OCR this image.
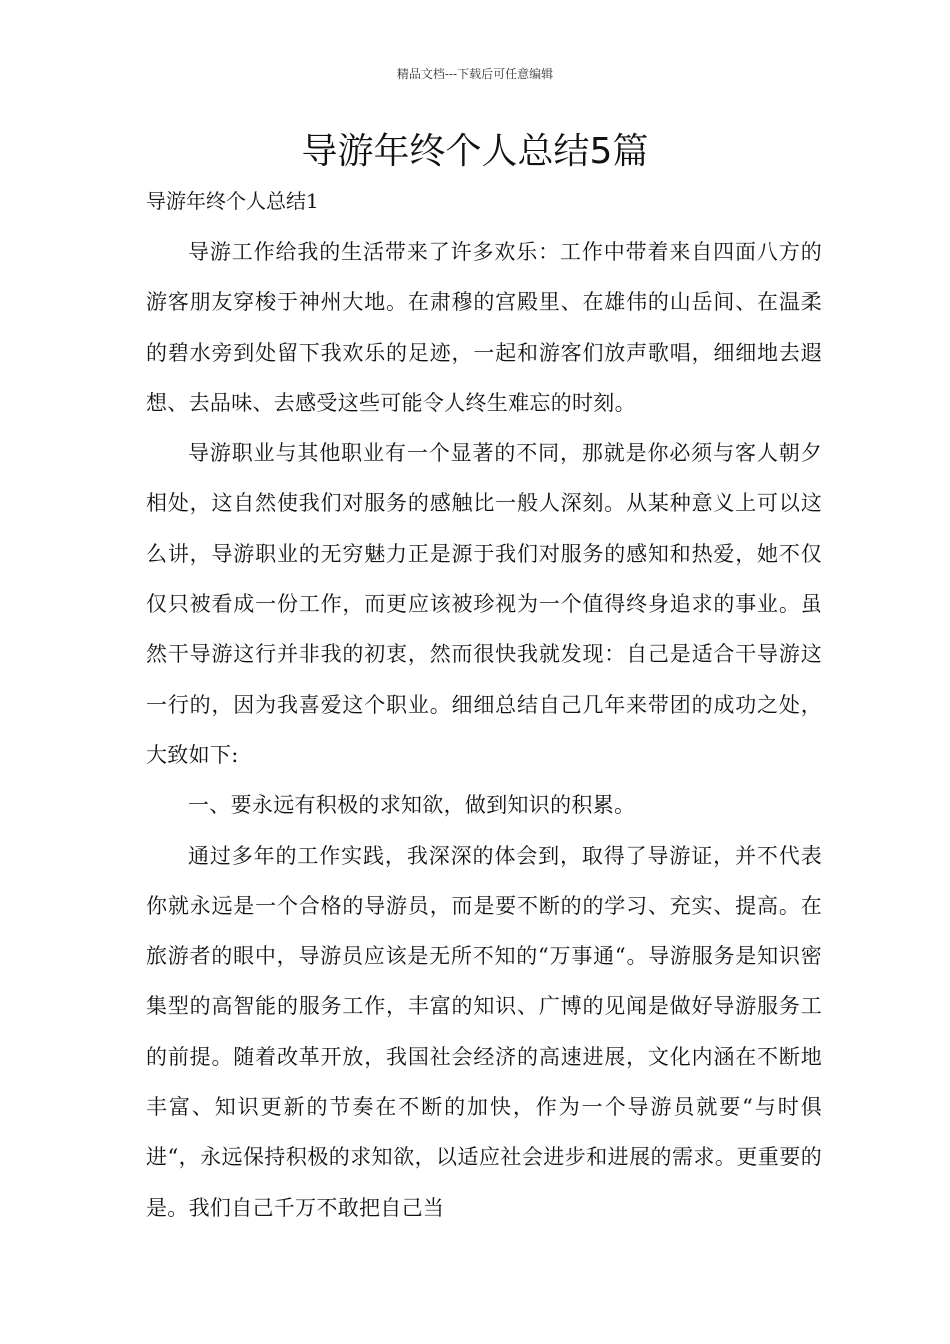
精品文档---下载后可任意编辑
导游年终个人总结5篇
导游年终个人总结1

导游工作给我的生活带来了许多欢乐：工作中带着来自四面八方的游客朋友穿梭于神州大地。在肃穆的宫殿里、在雄伟的山岳间、在温柔的碧水旁到处留下我欢乐的足迹，一起和游客们放声歌唱，细细地去遐想、去品味、去感受这些可能令人终生难忘的时刻。

导游职业与其他职业有一个显著的不同，那就是你必须与客人朝夕相处，这自然使我们对服务的感触比一般人深刻。从某种意义上可以这么讲，导游职业的无穷魅力正是源于我们对服务的感知和热爱，她不仅仅只被看成一份工作，而更应该被珍视为一个值得终身追求的事业。虽然干导游这行并非我的初衷，然而很快我就发现：自己是适合干导游这一行的，因为我喜爱这个职业。细细总结自己几年来带团的成功之处，大致如下:

一、要永远有积极的求知欲，做到知识的积累。

通过多年的工作实践，我深深的体会到，取得了导游证，并不代表你就永远是一个合格的导游员，而是要不断的的学习、充实、提高。在旅游者的眼中，导游员应该是无所不知的“万事通“。导游服务是知识密集型的高智能的服务工作，丰富的知识、广博的见闻是做好导游服务工的前提。随着改革开放，我国社会经济的高速进展，文化内涵在不断地丰富、知识更新的节奏在不断的加快，作为一个导游员就要“与时俱进“，永远保持积极的求知欲，以适应社会进步和进展的需求。更重要的是。我们自己千万不敢把自己当
